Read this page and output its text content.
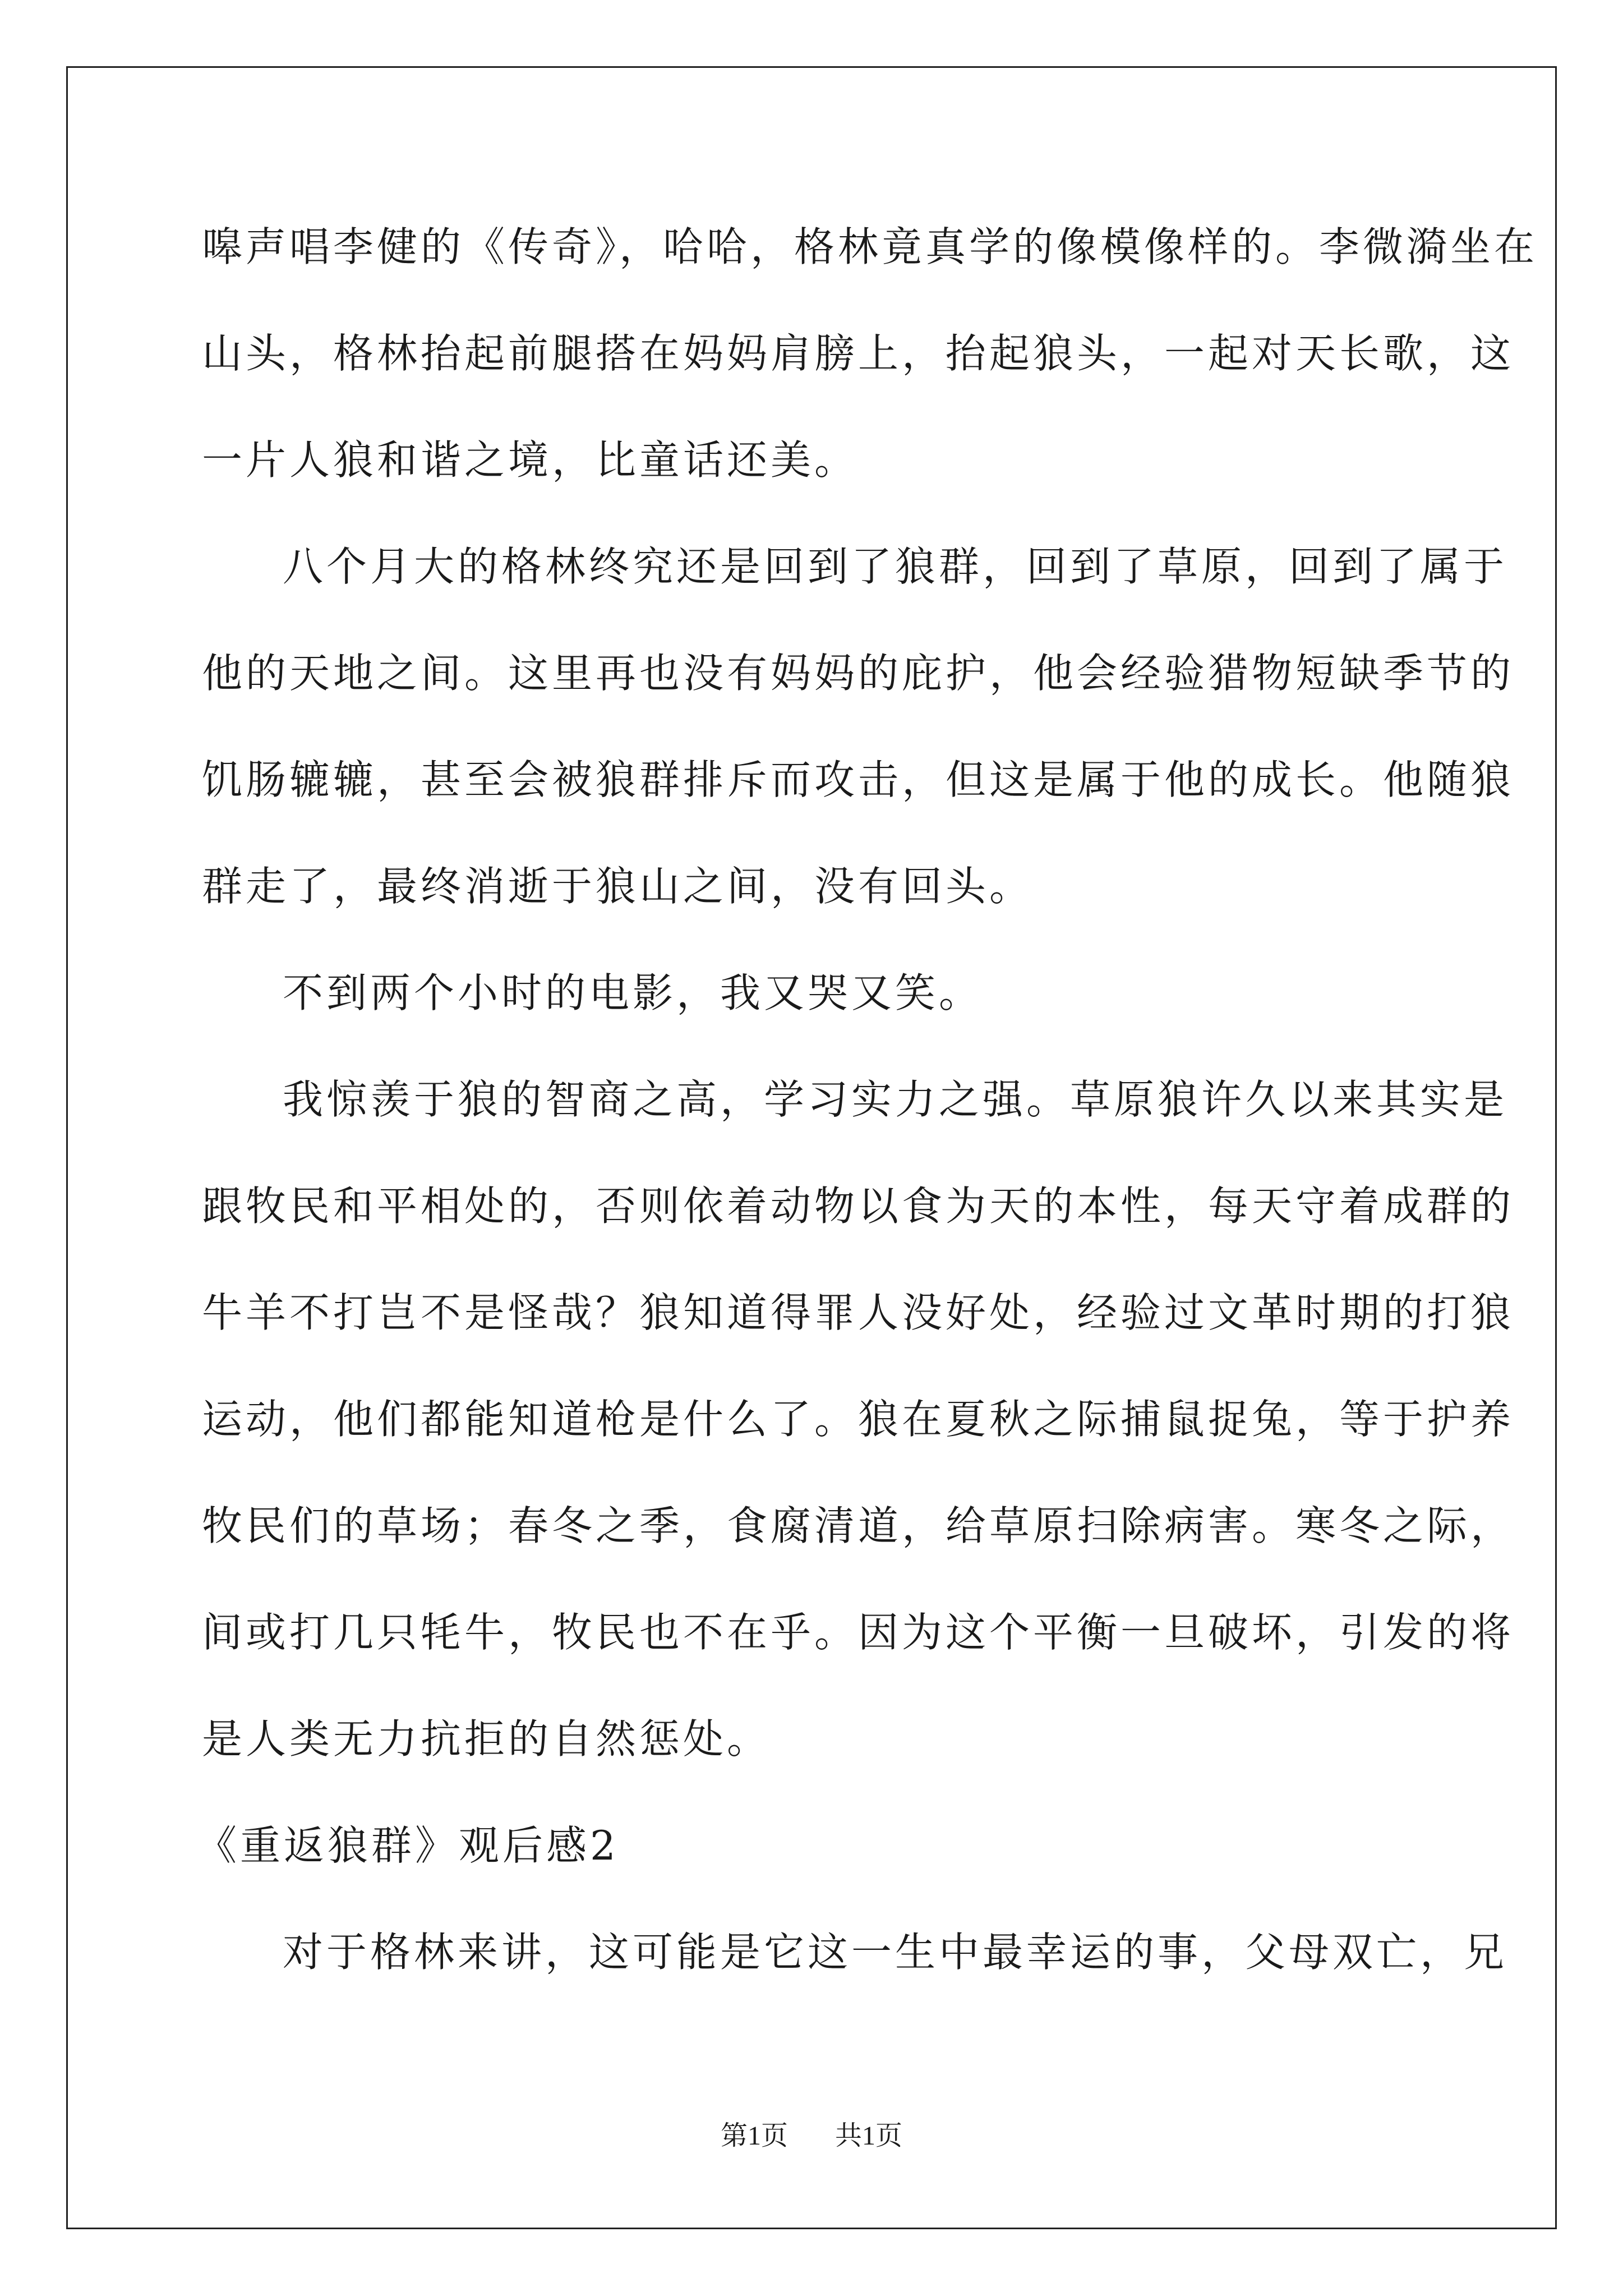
嗥声唱李健的《传奇》，哈哈，格林竟真学的像模像样的。李微漪坐在
山头，格林抬起前腿搭在妈妈肩膀上，抬起狼头，一起对天长歌，这
一片人狼和谐之境，比童话还美。
八个月大的格林终究还是回到了狼群，回到了草原，回到了属于
他的天地之间。这里再也没有妈妈的庇护，他会经验猎物短缺季节的
饥肠辘辘，甚至会被狼群排斥而攻击，但这是属于他的成长。他随狼
群走了，最终消逝于狼山之间，没有回头。
不到两个小时的电影，我又哭又笑。
我惊羡于狼的智商之高，学习实力之强。草原狼许久以来其实是
跟牧民和平相处的，否则依着动物以食为天的本性，每天守着成群的
牛羊不打岂不是怪哉？狼知道得罪人没好处，经验过文革时期的打狼
运动，他们都能知道枪是什么了。狼在夏秋之际捕鼠捉兔，等于护养
牧民们的草场；春冬之季，食腐清道，给草原扫除病害。寒冬之际，
间或打几只牦牛，牧民也不在乎。因为这个平衡一旦破坏，引发的将
是人类无力抗拒的自然惩处。
《重返狼群》观后感2
对于格林来讲，这可能是它这一生中最幸运的事，父母双亡，兄
第1页 共1页
